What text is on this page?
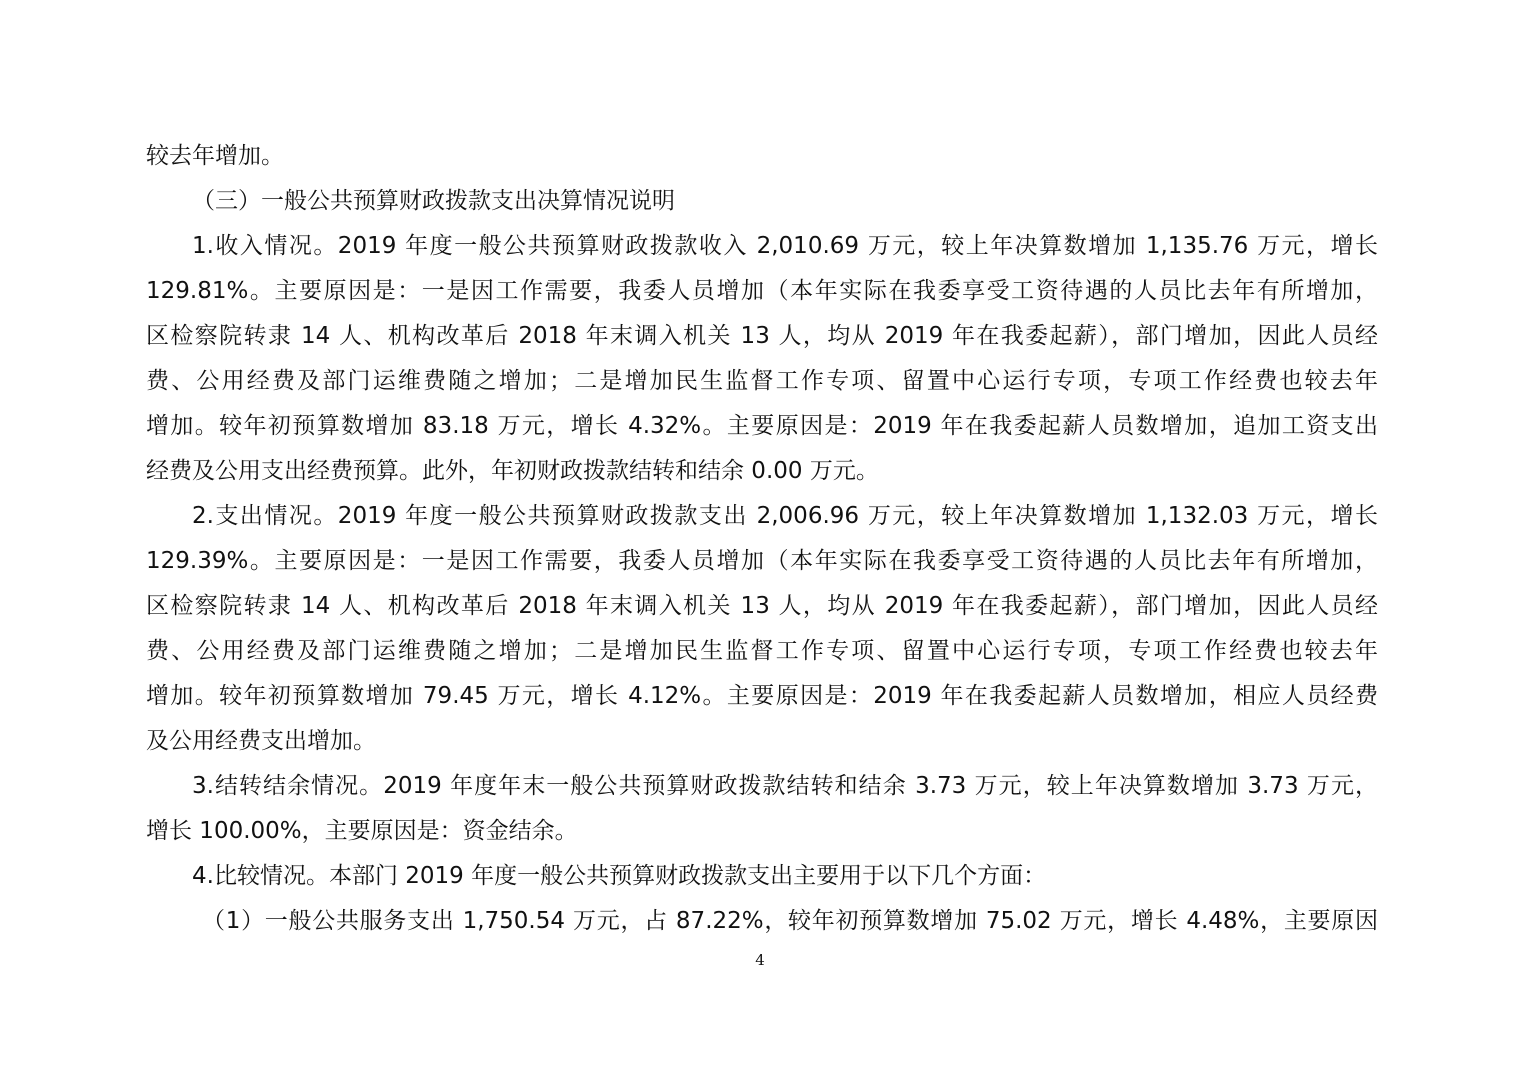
较去年增加。
（三）一般公共预算财政拨款支出决算情况说明
1.收入情况。2019 年度一般公共预算财政拨款收入 2,010.69 万元，较上年决算数增加 1,135.76 万元，增长
129.81%。主要原因是：一是因工作需要，我委人员增加（本年实际在我委享受工资待遇的人员比去年有所增加，
区检察院转隶 14 人、机构改革后 2018 年末调入机关 13 人，均从 2019 年在我委起薪），部门增加，因此人员经
费、公用经费及部门运维费随之增加；二是增加民生监督工作专项、留置中心运行专项，专项工作经费也较去年
增加。较年初预算数增加 83.18 万元，增长 4.32%。主要原因是：2019 年在我委起薪人员数增加，追加工资支出
经费及公用支出经费预算。此外，年初财政拨款结转和结余 0.00 万元。
2.支出情况。2019 年度一般公共预算财政拨款支出 2,006.96 万元，较上年决算数增加 1,132.03 万元，增长
129.39%。主要原因是：一是因工作需要，我委人员增加（本年实际在我委享受工资待遇的人员比去年有所增加，
区检察院转隶 14 人、机构改革后 2018 年末调入机关 13 人，均从 2019 年在我委起薪），部门增加，因此人员经
费、公用经费及部门运维费随之增加；二是增加民生监督工作专项、留置中心运行专项，专项工作经费也较去年
增加。较年初预算数增加 79.45 万元，增长 4.12%。主要原因是：2019 年在我委起薪人员数增加，相应人员经费
及公用经费支出增加。
3.结转结余情况。2019 年度年末一般公共预算财政拨款结转和结余 3.73 万元，较上年决算数增加 3.73 万元，
增长 100.00%，主要原因是：资金结余。
4.比较情况。本部门 2019 年度一般公共预算财政拨款支出主要用于以下几个方面：
（1）一般公共服务支出 1,750.54 万元，占 87.22%，较年初预算数增加 75.02 万元，增长 4.48%，主要原因
4
